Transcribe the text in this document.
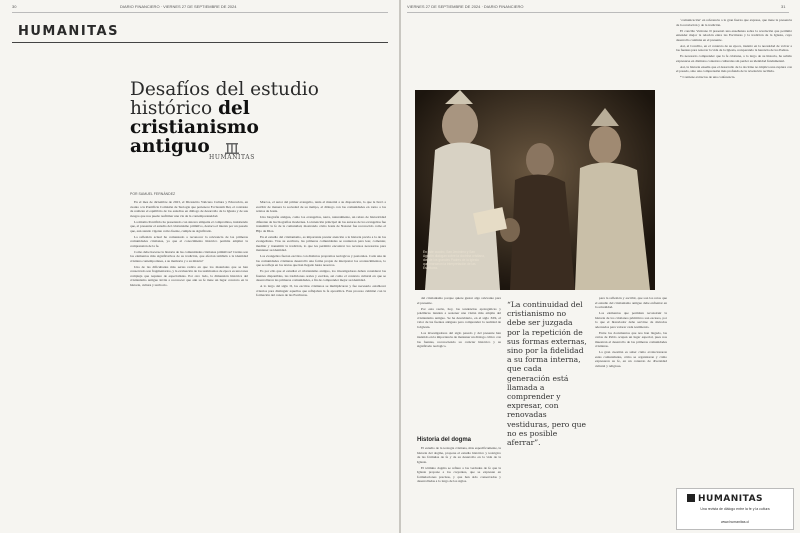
30	DIARIO FINANCIERO · VIERNES 27 DE SEPTIEMBRE DE 2024
HUMANITAS
Desafíos del estudio histórico del cristianismo antiguo
HUMANITAS
POR SAMUEL FERNÁNDEZ

En el mes de diciembre de 2023, el Dicastério Vaticano Cultura y Educación, en cuanto a la Pontificia Comisión de Teología que pertenece Ecclesiam Dei, el contraste de realizan el equilibrio de los estudios en diálogo de desarrollo de la Iglesia y de sus riesgos que nos puede reafirmar una vía de la contemporaneidad.

La misma Pontificia ha presentado con sincera simpatía el compromiso, insistiendo que, al presentar el estudio del cristianismo primitivo, destaca el interés por un pasado que, aun siendo vigente como fuente, cumple su significado.

La reflexión actual ha comenzado a reconocer la relevancia de las primeras comunidades cristianas, ya que el conocimiento histórico permite ampliar la comprensión de la fe.

Como debe hacerse la historia de las comunidades cristianas primitivas? Cuáles son los elementos más significativos de su tradición, que afectan también a la identidad cristiana contemporánea, a su memoria y a su misión?

Una de las dificultades más serias radica en que los materiales que se han conservado son fragmentarios, y la evaluación de los testimonios de época es una tarea compleja que requiere de especialistas. Por otro lado, la dimensión histórica del cristianismo antiguo invita a reconocer que aún su fe tiene un lugar concreto en la historia, cultura y territorio.

Marcos, el autor del primer evangelio, tenía el material a su disposición, lo que le llevó a escribir de manera la sociedad de su tiempo, el diálogo con las comunidades en torno a los relatos de Jesús.

Una biografía antigua, como los evangelios, narra, naturalmente, un relato de historicidad diferente de las biografías modernas. La intención principal de los autores de los evangelios fue transmitir la fe de la comunidad, mostrando cómo Jesús de Nazaret fue reconocido como el Hijo de Dios.

En el estudio del cristianismo, es importante prestar atención a la historia previa a la de los evangelistas. Tras su escritura, las primeras comunidades se reunieron para leer, comentar, meditar y transmitir la tradición, lo que les permitió encontrar los recursos necesarios para mantener su identidad.

Los evangelios fueron escritos con distintos propósitos teológicos y pastorales. Cada una de las comunidades cristianas desarrolló una forma propia de interpretar los acontecimientos, lo que se refleja en los textos que han llegado hasta nosotros.

Es por ello que al estudiar el cristianismo antiguo, los investigadores deben considerar las fuentes disponibles, las tradiciones orales y escritas, así como el contexto cultural en que se desarrollaron las primeras comunidades, a fin de comprender mejor su identidad.

A lo largo del siglo II, los escritos cristianos se multiplicaron y fue necesario establecer criterios para distinguir aquellos que reflejaban la fe apostólica. Este proceso culminó con la formación del canon de las Escrituras.

VIERNES 27 DE SEPTIEMBRE DE 2024 · DIARIO FINANCIERO	31
En este cuadro, San Jerónimo y San Agustín dialogan sobre la doctrina cristiana, dos de los grandes Padres de la Iglesia que marcaron la interpretación de las Escrituras.

del cristianismo porque quiere gustar algo relevante para el presente.

Por esta razón, hoy, las tendencias apologéticas y polémicas tienden a sostener una visión más amplia del cristianismo antiguo. Se ha descubierto, en el siglo XIX, el valor de las fuentes antiguas para comprender la realidad de la Iglesia.

Los investigadores del siglo pasado y del presente han insistido en la importancia de mantener un diálogo crítico con las fuentes, reconociendo su carácter histórico y su significado teológico.

“La continuidad del cristianismo no debe ser juzgada por la repetición de sus formas externas, sino por la fidelidad a su forma interna, que cada generación está llamada a comprender y expresar, con renovadas vestiduras, pero que no es posible aferrar”.
Historia del dogma

El estudio de la teología cristiana, más específicamente, la historia del dogma, propone el estudio histórico y teológico de las fórmulas de fe y de su desarrollo en la vida de la Iglesia.

El término dogma se refiere a las verdades de fe que la Iglesia propone a los creyentes, que se expresan en formulaciones precisas, y que han sido conservadas y desarrolladas a lo largo de los siglos.

para la reflexión y escribir, que son los retos que el estudio del cristianismo antiguo debe enfrentar en la actualidad.

Los elementos que permiten reconstruir la historia de los cristianos primitivos son escasos, por lo que el historiador debe servirse de métodos adecuados para valorar cada testimonio.

Entre los documentos que nos han llegado, las cartas de Pablo ocupan un lugar especial, pues nos muestran el desarrollo de las primeras comunidades cristianas.

La gran cuestión es saber cómo evolucionaron estas comunidades, cómo se organizaron y cómo expresaron su fe, en un contexto de diversidad cultural y religiosa.

‘comunicación’ en referencia a la gran fuerza que expresa, que tiene la presencia de la revelación y de la tradición.

El concilio Vaticano II presentó una enseñanza sobre la revelación que permitió entender mejor la relación entre las Escrituras y la tradición de la Iglesia, cuyo desarrollo continúa en el presente.

Así, el Concilio, en el contexto de su época, insistió en la necesidad de volver a las fuentes para renovar la vida de la Iglesia, recuperando la herencia de los Padres.

Es necesario comprender que la fe cristiana, a lo largo de su historia, ha sabido expresarse en distintos contextos culturales sin perder su identidad fundamental.

Así, la historia enseña que el desarrollo de la doctrina no implica una ruptura con el pasado, sino una comprensión más profunda de la revelación recibida.

* Contiene extractos de una conferencia.

HUMANITAS
Una revista de diálogo entre la fe y la cultura
www.humanitas.cl
